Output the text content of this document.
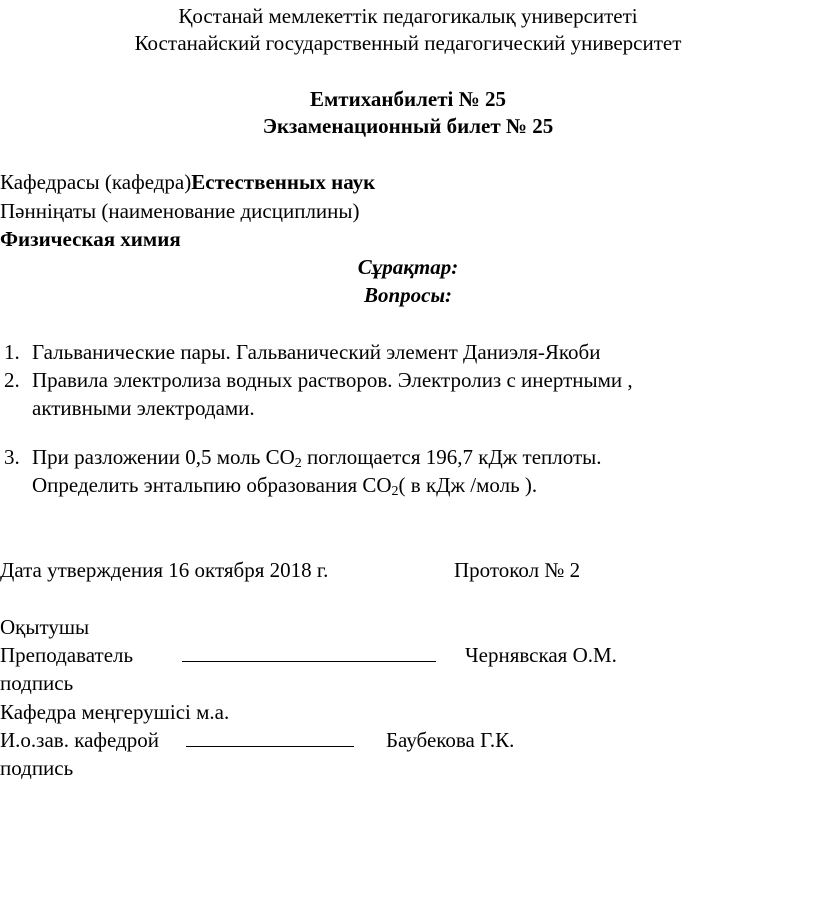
Қостанай мемлекеттік педагогикалық университеті
Костанайский государственный педагогический университет
Емтиханбилеті № 25
Экзаменационный билет № 25
Кафедрасы (кафедра)Естественных наук
Пәнніңаты (наименование дисциплины)
Физическая химия
Сұрақтар:
Вопросы:
1. Гальванические пары. Гальванический элемент Даниэля-Якоби
2. Правила электролиза водных растворов. Электролиз с инертными ,
активными электродами.
3. При разложении 0,5 моль $СО_2$ поглощается 196,7 кДж теплоты.
Определить энтальпию образования $СО_2$( в кДж /моль ).
Дата утверждения 16 октября 2018 г.	Протокол № 2
Оқытушы
Преподаватель	Чернявская О.М.
подпись
Кафедра меңгерушісі м.а.
И.о.зав. кафедрой	Баубекова Г.К.
подпись
